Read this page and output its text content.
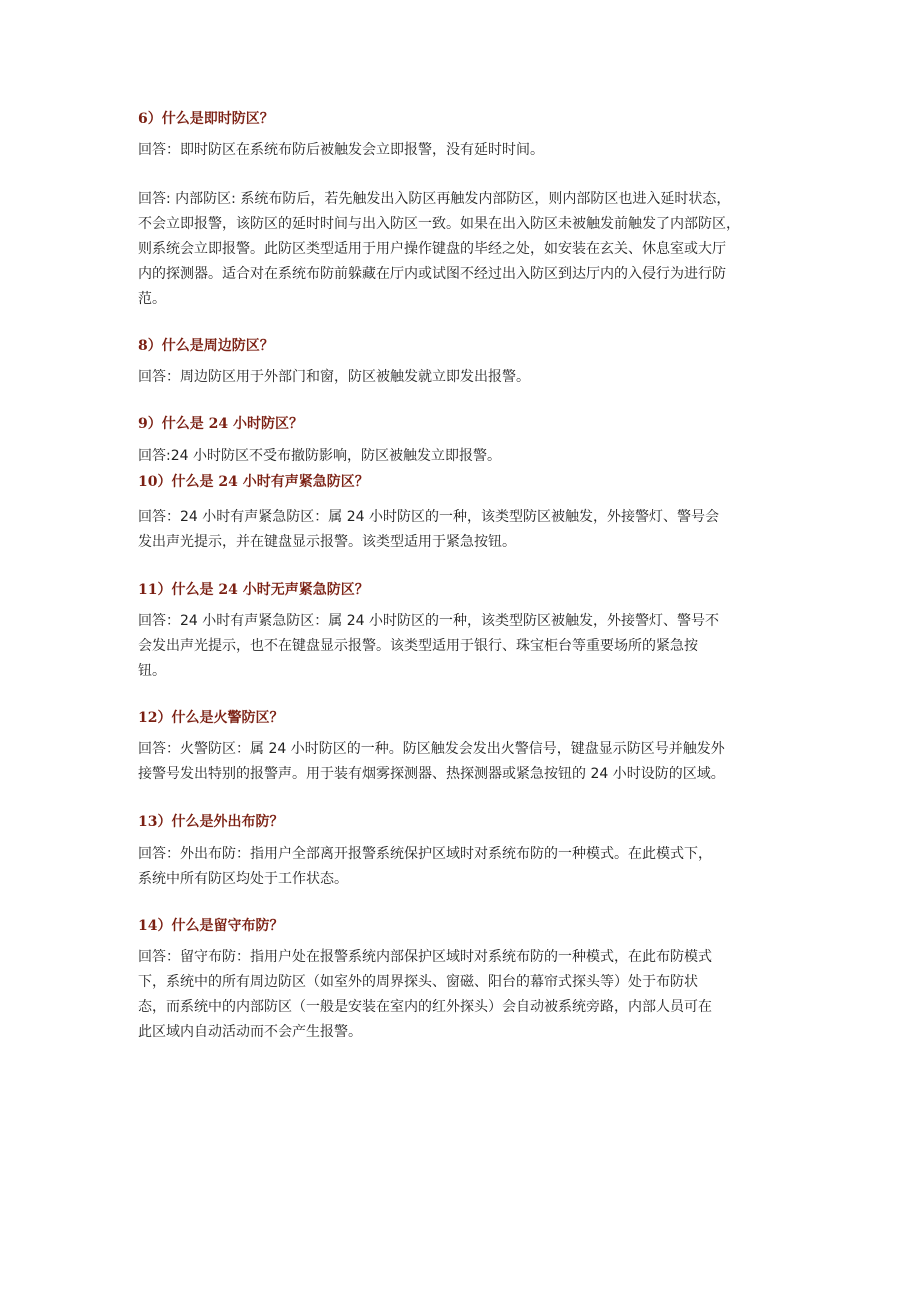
6）什么是即时防区？
回答：即时防区在系统布防后被触发会立即报警，没有延时时间。
回答: 内部防区: 系统布防后，若先触发出入防区再触发内部防区，则内部防区也进入延时状态，
不会立即报警，该防区的延时时间与出入防区一致。如果在出入防区未被触发前触发了内部防区，
则系统会立即报警。此防区类型适用于用户操作键盘的毕经之处，如安装在玄关、休息室或大厅
内的探测器。适合对在系统布防前躲藏在厅内或试图不经过出入防区到达厅内的入侵行为进行防
范。
8）什么是周边防区？
回答：周边防区用于外部门和窗，防区被触发就立即发出报警。
9）什么是 24 小时防区？
回答:24 小时防区不受布撤防影响，防区被触发立即报警。
10）什么是 24 小时有声紧急防区？
回答：24 小时有声紧急防区：属 24 小时防区的一种，该类型防区被触发，外接警灯、警号会
发出声光提示，并在键盘显示报警。该类型适用于紧急按钮。
11）什么是 24 小时无声紧急防区？
回答：24 小时有声紧急防区：属 24 小时防区的一种，该类型防区被触发，外接警灯、警号不
会发出声光提示，也不在键盘显示报警。该类型适用于银行、珠宝柜台等重要场所的紧急按
钮。
12）什么是火警防区？
回答：火警防区：属 24 小时防区的一种。防区触发会发出火警信号，键盘显示防区号并触发外
接警号发出特别的报警声。用于装有烟雾探测器、热探测器或紧急按钮的 24 小时设防的区域。
13）什么是外出布防？
回答：外出布防：指用户全部离开报警系统保护区域时对系统布防的一种模式。在此模式下，
系统中所有防区均处于工作状态。
14）什么是留守布防？
回答：留守布防：指用户处在报警系统内部保护区域时对系统布防的一种模式，在此布防模式
下，系统中的所有周边防区（如室外的周界探头、窗磁、阳台的幕帘式探头等）处于布防状
态，而系统中的内部防区（一般是安装在室内的红外探头）会自动被系统旁路，内部人员可在
此区域内自动活动而不会产生报警。
